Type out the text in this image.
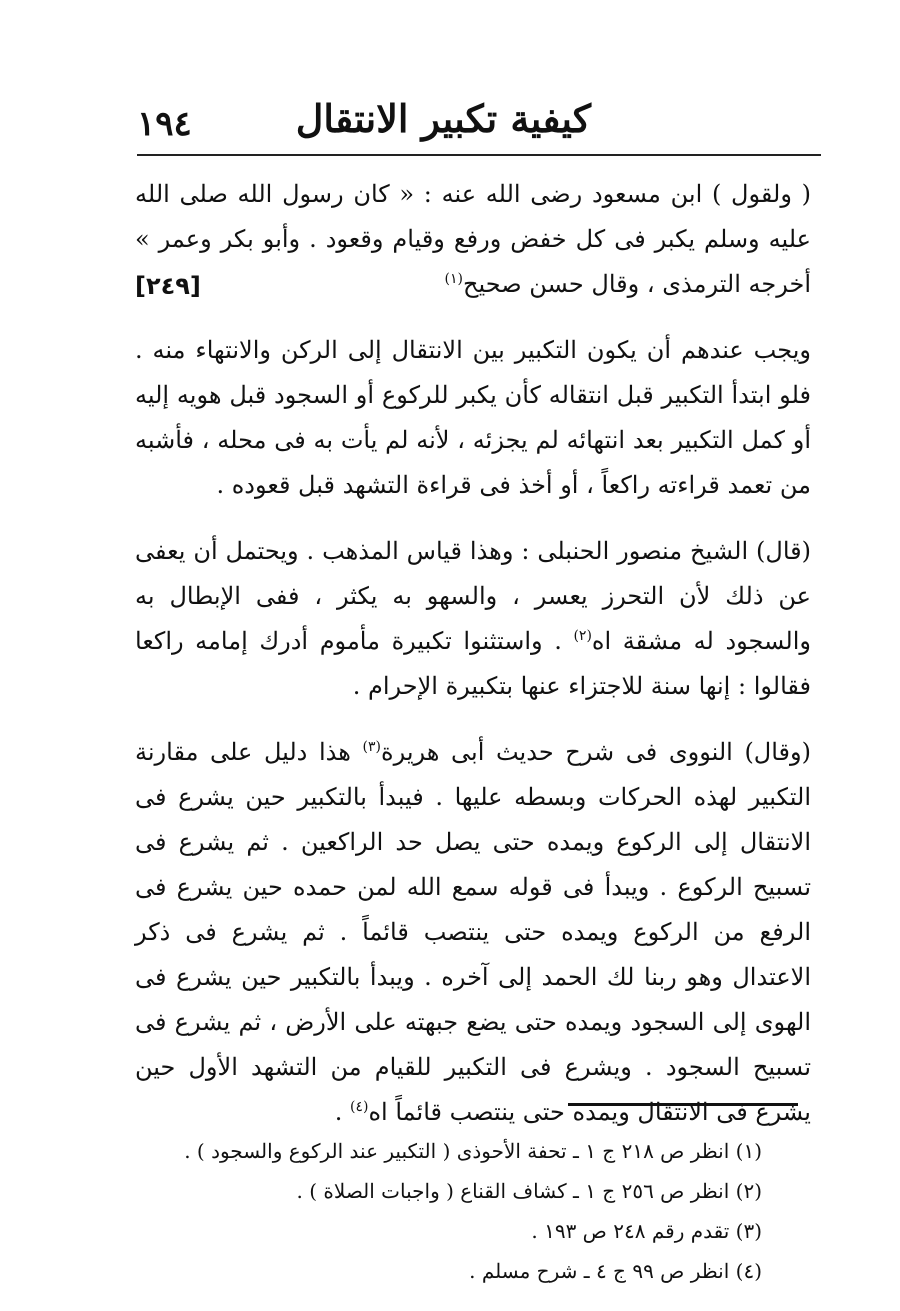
١٩٤	كيفية تكبير الانتقال

( ولقول ) ابن مسعود رضى الله عنه : « كان رسول الله صلى الله عليه وسلم يكبر فى كل خفض ورفع وقيام وقعود . وأبو بكر وعمر » أخرجه الترمذى ، وقال حسن صحيح$^{(١)}$
[٢٤٩]

ويجب عندهم أن يكون التكبير بين الانتقال إلى الركن والانتهاء منه . فلو ابتدأ التكبير قبل انتقاله كأن يكبر للركوع أو السجود قبل هويه إليه أو كمل التكبير بعد انتهائه لم يجزئه ، لأنه لم يأت به فى محله ، فأشبه من تعمد قراءته راكعاً ، أو أخذ فى قراءة التشهد قبل قعوده .

(قال) الشيخ منصور الحنبلى : وهذا قياس المذهب . ويحتمل أن يعفى عن ذلك لأن التحرز يعسر ، والسهو به يكثر ، ففى الإبطال به والسجود له مشقة اه$^{(٢)}$ . واستثنوا تكبيرة مأموم أدرك إمامه راكعا فقالوا : إنها سنة للاجتزاء عنها بتكبيرة الإحرام .

(وقال) النووى فى شرح حديث أبى هريرة$^{(٣)}$ هذا دليل على مقارنة التكبير لهذه الحركات وبسطه عليها . فيبدأ بالتكبير حين يشرع فى الانتقال إلى الركوع ويمده حتى يصل حد الراكعين . ثم يشرع فى تسبيح الركوع . ويبدأ فى قوله سمع الله لمن حمده حين يشرع فى الرفع من الركوع ويمده حتى ينتصب قائماً . ثم يشرع فى ذكر الاعتدال وهو ربنا لك الحمد إلى آخره . ويبدأ بالتكبير حين يشرع فى الهوى إلى السجود ويمده حتى يضع جبهته على الأرض ، ثم يشرع فى تسبيح السجود . ويشرع فى التكبير للقيام من التشهد الأول حين يشرع فى الانتقال ويمده حتى ينتصب قائماً اه$^{(٤)}$ .

(١) انظر ص ٢١٨ ج ١ ـ تحفة الأحوذى ( التكبير عند الركوع والسجود ) .
(٢) انظر ص ٢٥٦ ج ١ ـ كشاف القناع ( واجبات الصلاة ) .
(٣) تقدم رقم ٢٤٨ ص ١٩٣ .
(٤) انظر ص ٩٩ ج ٤ ـ شرح مسلم .
